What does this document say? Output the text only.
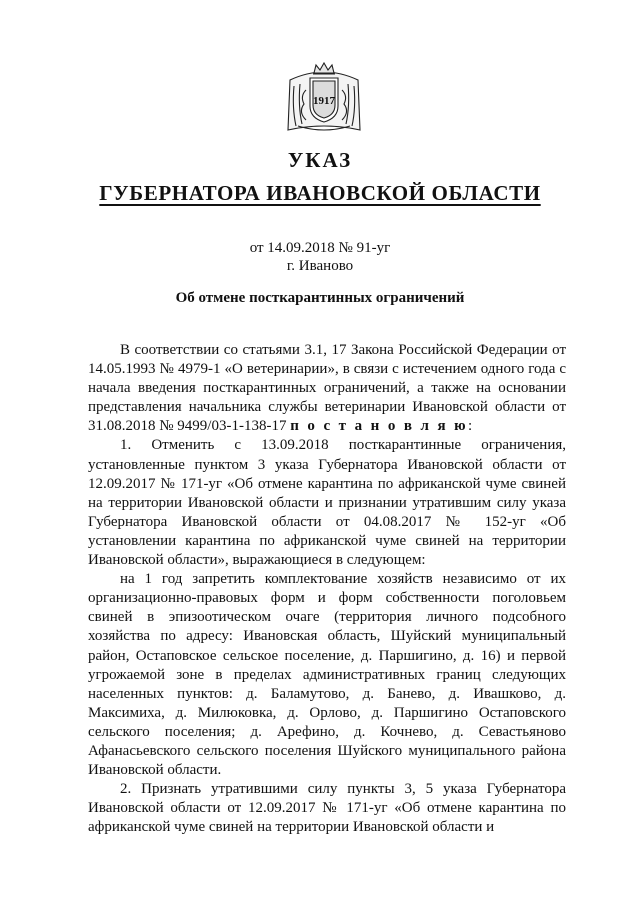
1917
УКАЗ
ГУБЕРНАТОРА ИВАНОВСКОЙ ОБЛАСТИ
от 14.09.2018 № 91-уг
г. Иваново
Об отмене посткарантинных ограничений

В соответствии со статьями 3.1, 17 Закона Российской Федерации от 14.05.1993 № 4979-1 «О ветеринарии», в связи с истечением одного года с начала введения посткарантинных ограничений, а также на основании представления начальника службы ветеринарии Ивановской области от 31.08.2018 № 9499/03-1-138-17 п о с т а н о в л я ю:

1. Отменить с 13.09.2018 посткарантинные ограничения, установленные пунктом 3 указа Губернатора Ивановской области от 12.09.2017 № 171-уг «Об отмене карантина по африканской чуме свиней на территории Ивановской области и признании утратившим силу указа Губернатора Ивановской области от 04.08.2017 № 152-уг «Об установлении карантина по африканской чуме свиней на территории Ивановской области», выражающиеся в следующем:

на 1 год запретить комплектование хозяйств независимо от их организационно-правовых форм и форм собственности поголовьем свиней в эпизоотическом очаге (территория личного подсобного хозяйства по адресу: Ивановская область, Шуйский муниципальный район, Остаповское сельское поселение, д. Паршигино, д. 16) и первой угрожаемой зоне в пределах административных границ следующих населенных пунктов: д. Баламутово, д. Банево, д. Ивашково, д. Максимиха, д. Милюковка, д. Орлово, д. Паршигино Остаповского сельского поселения; д. Арефино, д. Кочнево, д. Севастьяново Афанасьевского сельского поселения Шуйского муниципального района Ивановской области.

2. Признать утратившими силу пункты 3, 5 указа Губернатора Ивановской области от 12.09.2017 № 171-уг «Об отмене карантина по африканской чуме свиней на территории Ивановской области и
